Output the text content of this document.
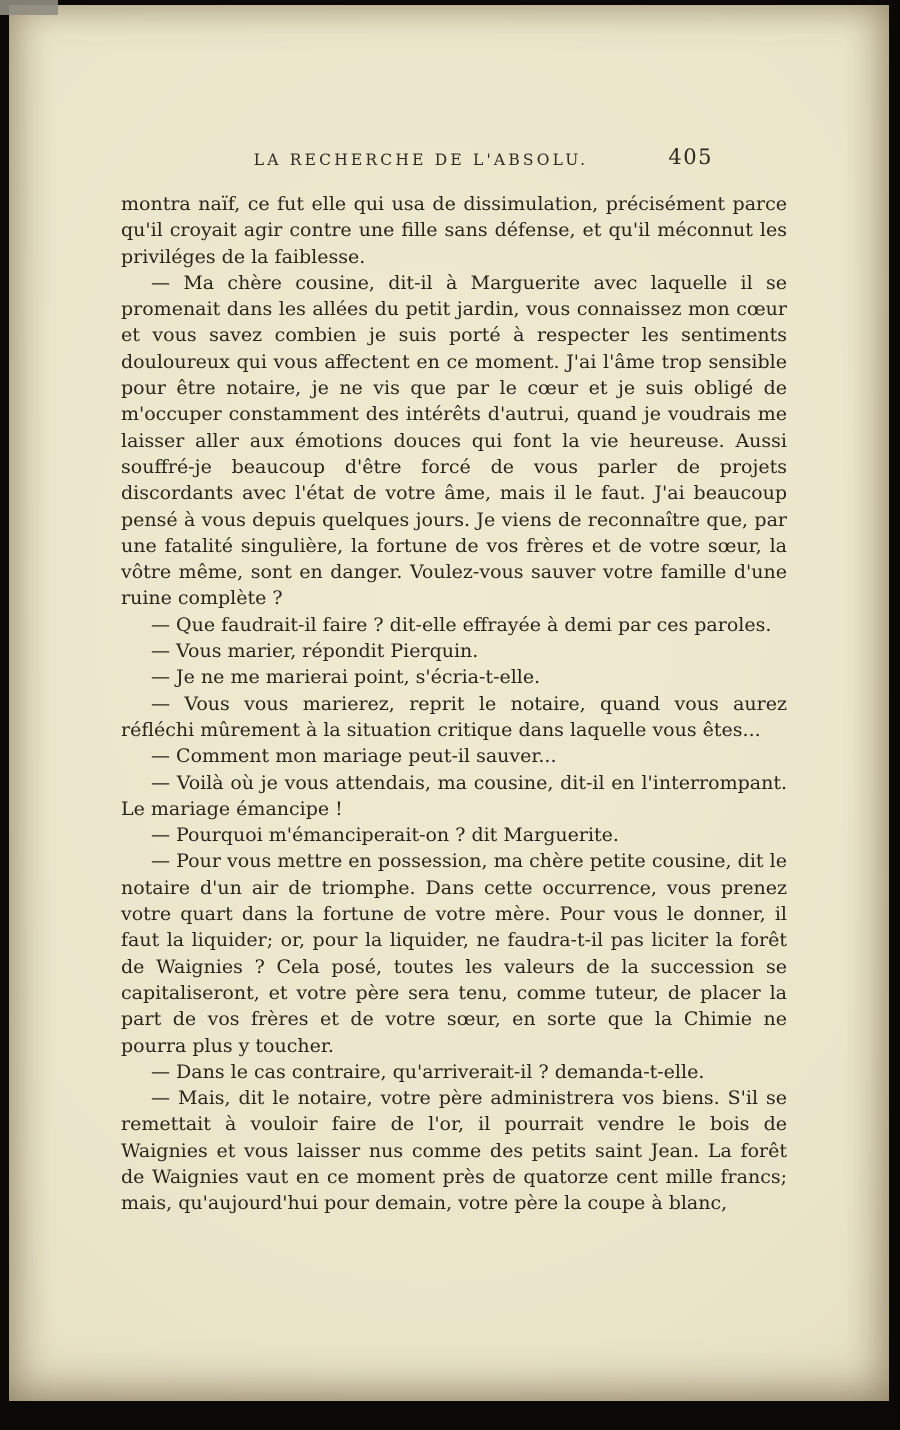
LA RECHERCHE DE L'ABSOLU.	405

montra naïf, ce fut elle qui usa de dissimulation, précisément parce qu'il croyait agir contre une fille sans défense, et qu'il méconnut les priviléges de la faiblesse.

— Ma chère cousine, dit-il à Marguerite avec laquelle il se promenait dans les allées du petit jardin, vous connaissez mon cœur et vous savez combien je suis porté à respecter les sentiments douloureux qui vous affectent en ce moment. J'ai l'âme trop sensible pour être notaire, je ne vis que par le cœur et je suis obligé de m'occuper constamment des intérêts d'autrui, quand je voudrais me laisser aller aux émotions douces qui font la vie heureuse. Aussi souffré-je beaucoup d'être forcé de vous parler de projets discordants avec l'état de votre âme, mais il le faut. J'ai beaucoup pensé à vous depuis quelques jours. Je viens de reconnaître que, par une fatalité singulière, la fortune de vos frères et de votre sœur, la vôtre même, sont en danger. Voulez-vous sauver votre famille d'une ruine complète ?

— Que faudrait-il faire ? dit-elle effrayée à demi par ces paroles.

— Vous marier, répondit Pierquin.

— Je ne me marierai point, s'écria-t-elle.

— Vous vous marierez, reprit le notaire, quand vous aurez réfléchi mûrement à la situation critique dans laquelle vous êtes...

— Comment mon mariage peut-il sauver...

— Voilà où je vous attendais, ma cousine, dit-il en l'interrompant. Le mariage émancipe !

— Pourquoi m'émanciperait-on ? dit Marguerite.

— Pour vous mettre en possession, ma chère petite cousine, dit le notaire d'un air de triomphe. Dans cette occurrence, vous prenez votre quart dans la fortune de votre mère. Pour vous le donner, il faut la liquider; or, pour la liquider, ne faudra-t-il pas liciter la forêt de Waignies ? Cela posé, toutes les valeurs de la succession se capitaliseront, et votre père sera tenu, comme tuteur, de placer la part de vos frères et de votre sœur, en sorte que la Chimie ne pourra plus y toucher.

— Dans le cas contraire, qu'arriverait-il ? demanda-t-elle.

— Mais, dit le notaire, votre père administrera vos biens. S'il se remettait à vouloir faire de l'or, il pourrait vendre le bois de Waignies et vous laisser nus comme des petits saint Jean. La forêt de Waignies vaut en ce moment près de quatorze cent mille francs; mais, qu'aujourd'hui pour demain, votre père la coupe à blanc,
